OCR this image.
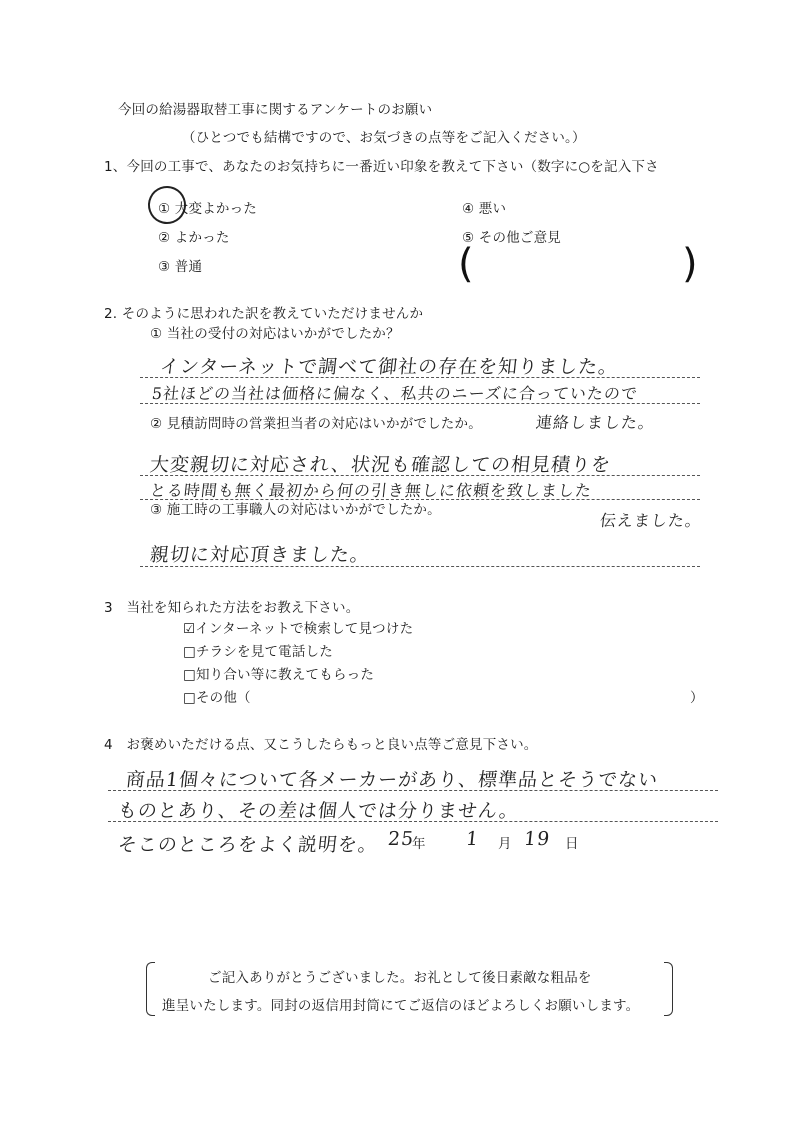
今回の給湯器取替工事に関するアンケートのお願い
（ひとつでも結構ですので、お気づきの点等をご記入ください。）
1、今回の工事で、あなたのお気持ちに一番近い印象を教えて下さい（数字に○を記入下さ
① 大変よかった
② よかった
③ 普通
④ 悪い
⑤ その他ご意見
(	)
2. そのように思われた訳を教えていただけませんか
① 当社の受付の対応はいかがでしたか？
インターネットで調べて御社の存在を知りました。
5社ほどの当社は価格に偏なく、私共のニーズに合っていたので
② 見積訪問時の営業担当者の対応はいかがでしたか。	連絡しました。
大変親切に対応され、状況も確認しての相見積りを
とる時間も無く最初から何の引き無しに依頼を致しました
③ 施工時の工事職人の対応はいかがでしたか。
伝えました。
親切に対応頂きました。
3　当社を知られた方法をお教え下さい。
☑インターネットで検索して見つけた
□チラシを見て電話した
□知り合い等に教えてもらった
□その他（	）
4　お褒めいただける点、又こうしたらもっと良い点等ご意見下さい。
商品1個々について各メーカーがあり、標準品とそうでない
ものとあり、その差は個人では分りません。
そこのところをよく説明を。 25
年 1 月 19 日
ご記入ありがとうございました。お礼として後日素敵な粗品を
進呈いたします。同封の返信用封筒にてご返信のほどよろしくお願いします。
